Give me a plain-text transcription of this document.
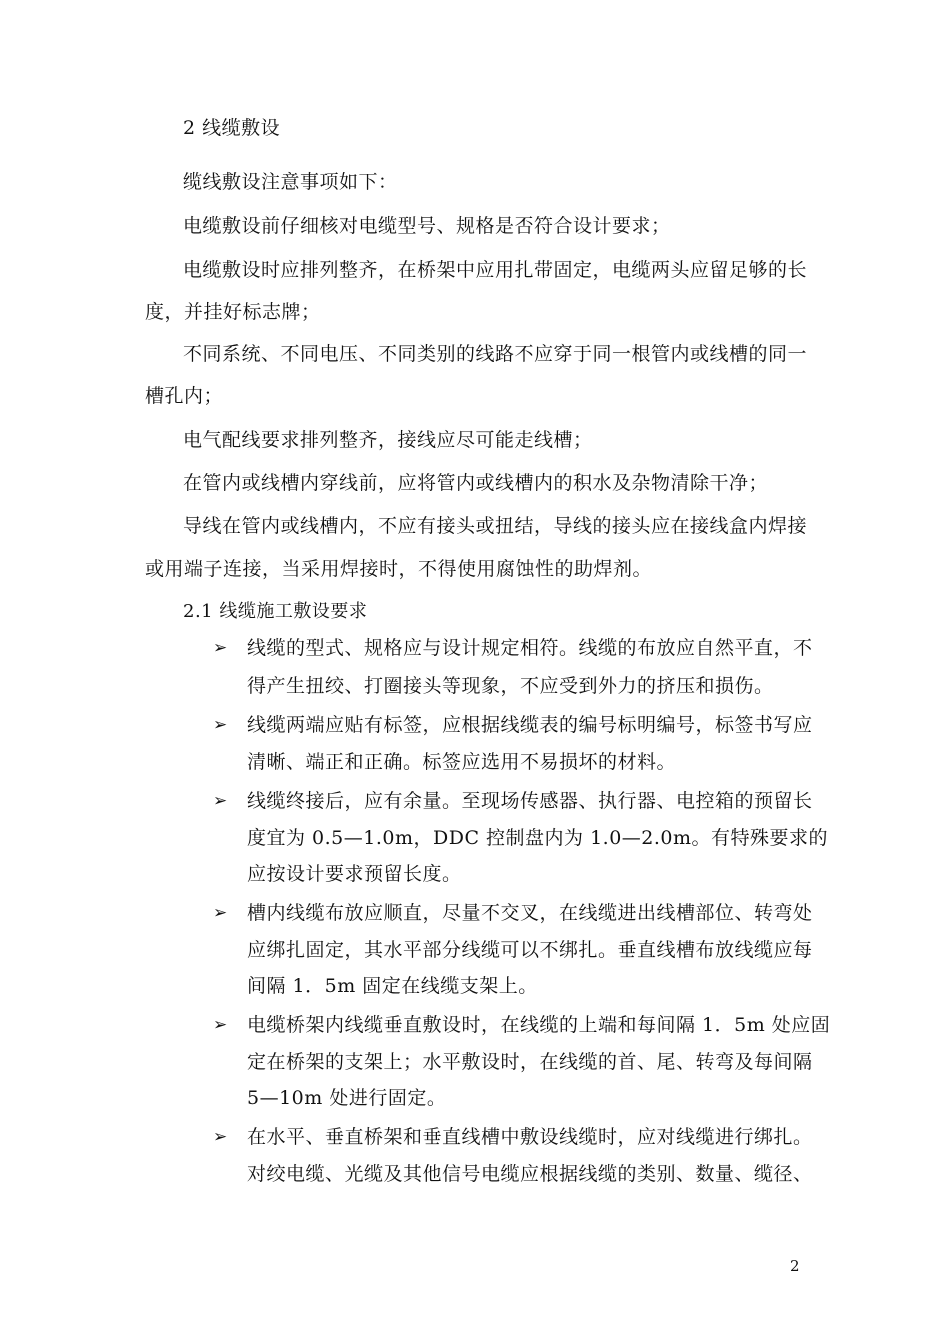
2 线缆敷设
缆线敷设注意事项如下：
电缆敷设前仔细核对电缆型号、规格是否符合设计要求；
电缆敷设时应排列整齐，在桥架中应用扎带固定，电缆两头应留足够的长
度，并挂好标志牌；
不同系统、不同电压、不同类别的线路不应穿于同一根管内或线槽的同一
槽孔内；
电气配线要求排列整齐，接线应尽可能走线槽；
在管内或线槽内穿线前，应将管内或线槽内的积水及杂物清除干净；
导线在管内或线槽内，不应有接头或扭结，导线的接头应在接线盒内焊接
或用端子连接，当采用焊接时，不得使用腐蚀性的助焊剂。
2.1 线缆施工敷设要求
➢ 线缆的型式、规格应与设计规定相符。线缆的布放应自然平直，不
得产生扭绞、打圈接头等现象，不应受到外力的挤压和损伤。
➢ 线缆两端应贴有标签，应根据线缆表的编号标明编号，标签书写应
清晰、端正和正确。标签应选用不易损坏的材料。
➢ 线缆终接后，应有余量。至现场传感器、执行器、电控箱的预留长
度宜为 0.5—1.0m，DDC 控制盘内为 1.0—2.0m。有特殊要求的
应按设计要求预留长度。
➢ 槽内线缆布放应顺直，尽量不交叉，在线缆进出线槽部位、转弯处
应绑扎固定，其水平部分线缆可以不绑扎。垂直线槽布放线缆应每
间隔 1．5m 固定在线缆支架上。
➢ 电缆桥架内线缆垂直敷设时，在线缆的上端和每间隔 1．5m 处应固
定在桥架的支架上；水平敷设时，在线缆的首、尾、转弯及每间隔
5—10m 处进行固定。
➢ 在水平、垂直桥架和垂直线槽中敷设线缆时，应对线缆进行绑扎。
对绞电缆、光缆及其他信号电缆应根据线缆的类别、数量、缆径、
2
